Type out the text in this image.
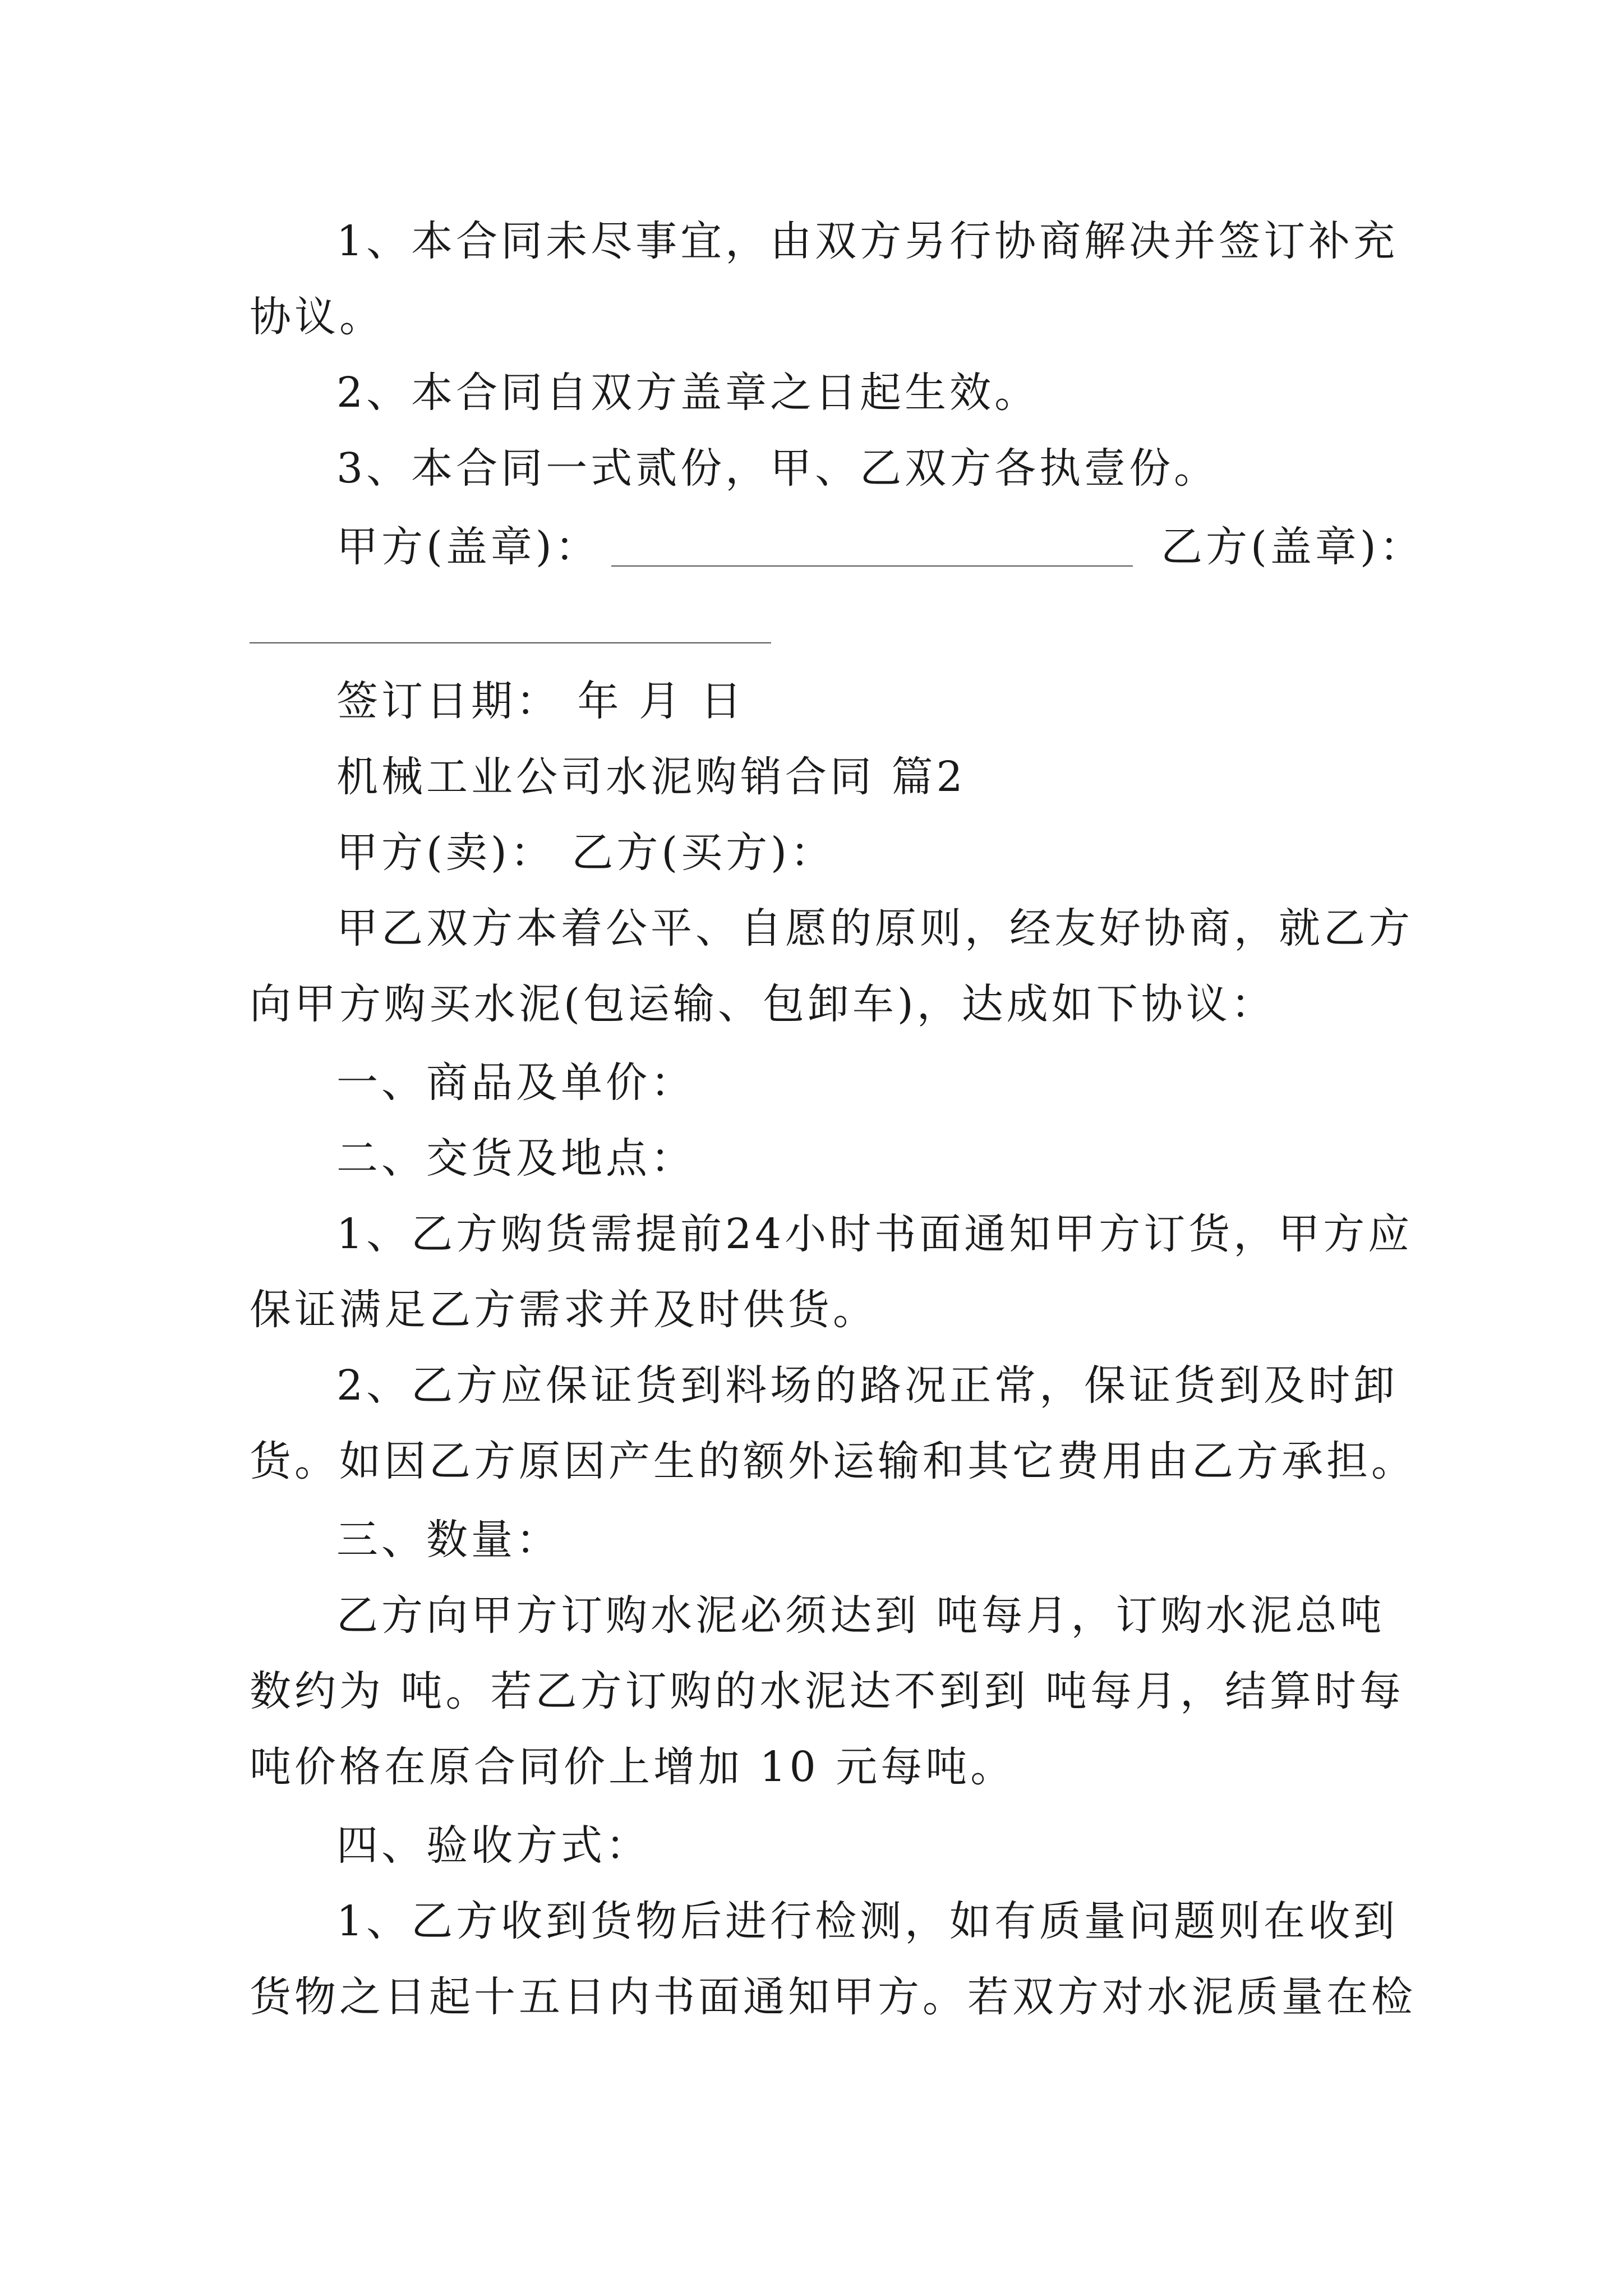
1、本合同未尽事宜，由双方另行协商解决并签订补充
协议。
2、本合同自双方盖章之日起生效。
3、本合同一式贰份，甲、乙双方各执壹份。
甲方(盖章)：	乙方(盖章)：
签订日期： 年 月 日
机械工业公司水泥购销合同 篇2
甲方(卖)： 乙方(买方)：
甲乙双方本着公平、自愿的原则，经友好协商，就乙方
向甲方购买水泥(包运输、包卸车)，达成如下协议：
一、商品及单价：
二、交货及地点：
1、乙方购货需提前24小时书面通知甲方订货，甲方应
保证满足乙方需求并及时供货。
2、乙方应保证货到料场的路况正常，保证货到及时卸
货。如因乙方原因产生的额外运输和其它费用由乙方承担。
三、数量：
乙方向甲方订购水泥必须达到 吨每月，订购水泥总吨
数约为 吨。若乙方订购的水泥达不到到 吨每月，结算时每
吨价格在原合同价上增加 10 元每吨。
四、验收方式：
1、乙方收到货物后进行检测，如有质量问题则在收到
货物之日起十五日内书面通知甲方。若双方对水泥质量在检
